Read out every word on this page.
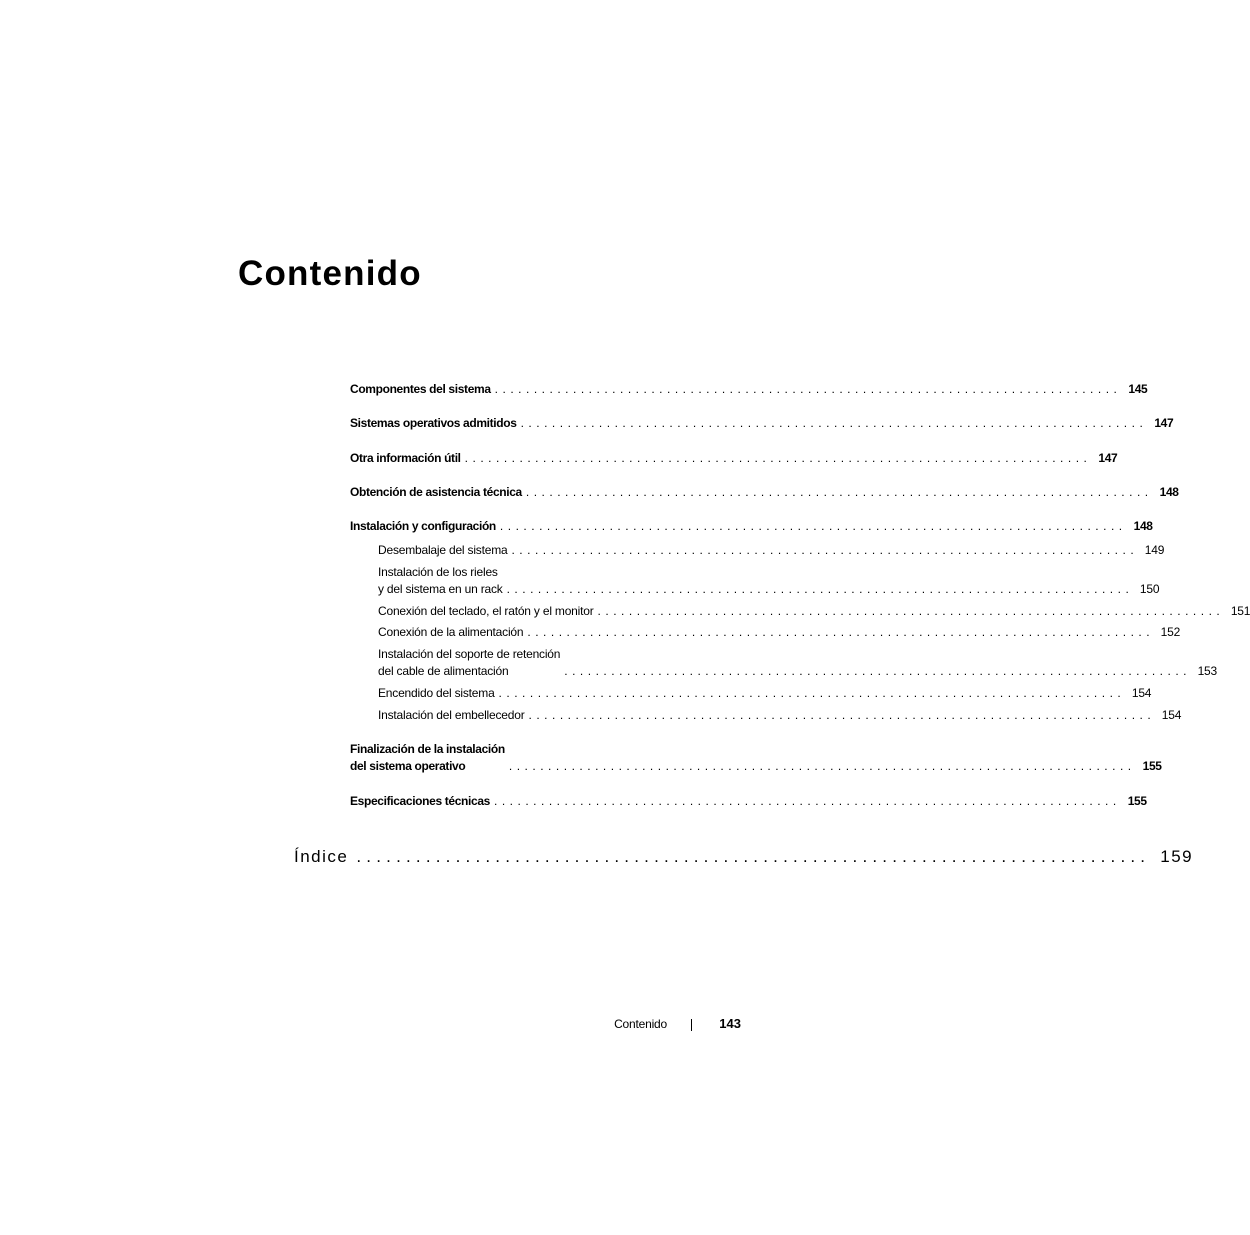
Contenido
Componentes del sistema ................................................................................ 145
Sistemas operativos admitidos ................................................................................ 147
Otra información útil ................................................................................ 147
Obtención de asistencia técnica ................................................................................ 148
Instalación y configuración ................................................................................ 148
Desembalaje del sistema ................................................................................ 149
Instalación de los rieles
y del sistema en un rack ................................................................................ 150
Conexión del teclado, el ratón y el monitor ................................................................................ 151
Conexión de la alimentación ................................................................................ 152
Instalación del soporte de retención
del cable de alimentación	................................................................................ 153
Encendido del sistema ................................................................................ 154
Instalación del embellecedor ................................................................................ 154
Finalización de la instalación
del sistema operativo	................................................................................ 155
Especificaciones técnicas ................................................................................ 155
Índice ................................................................................ 159
Contenido	143
